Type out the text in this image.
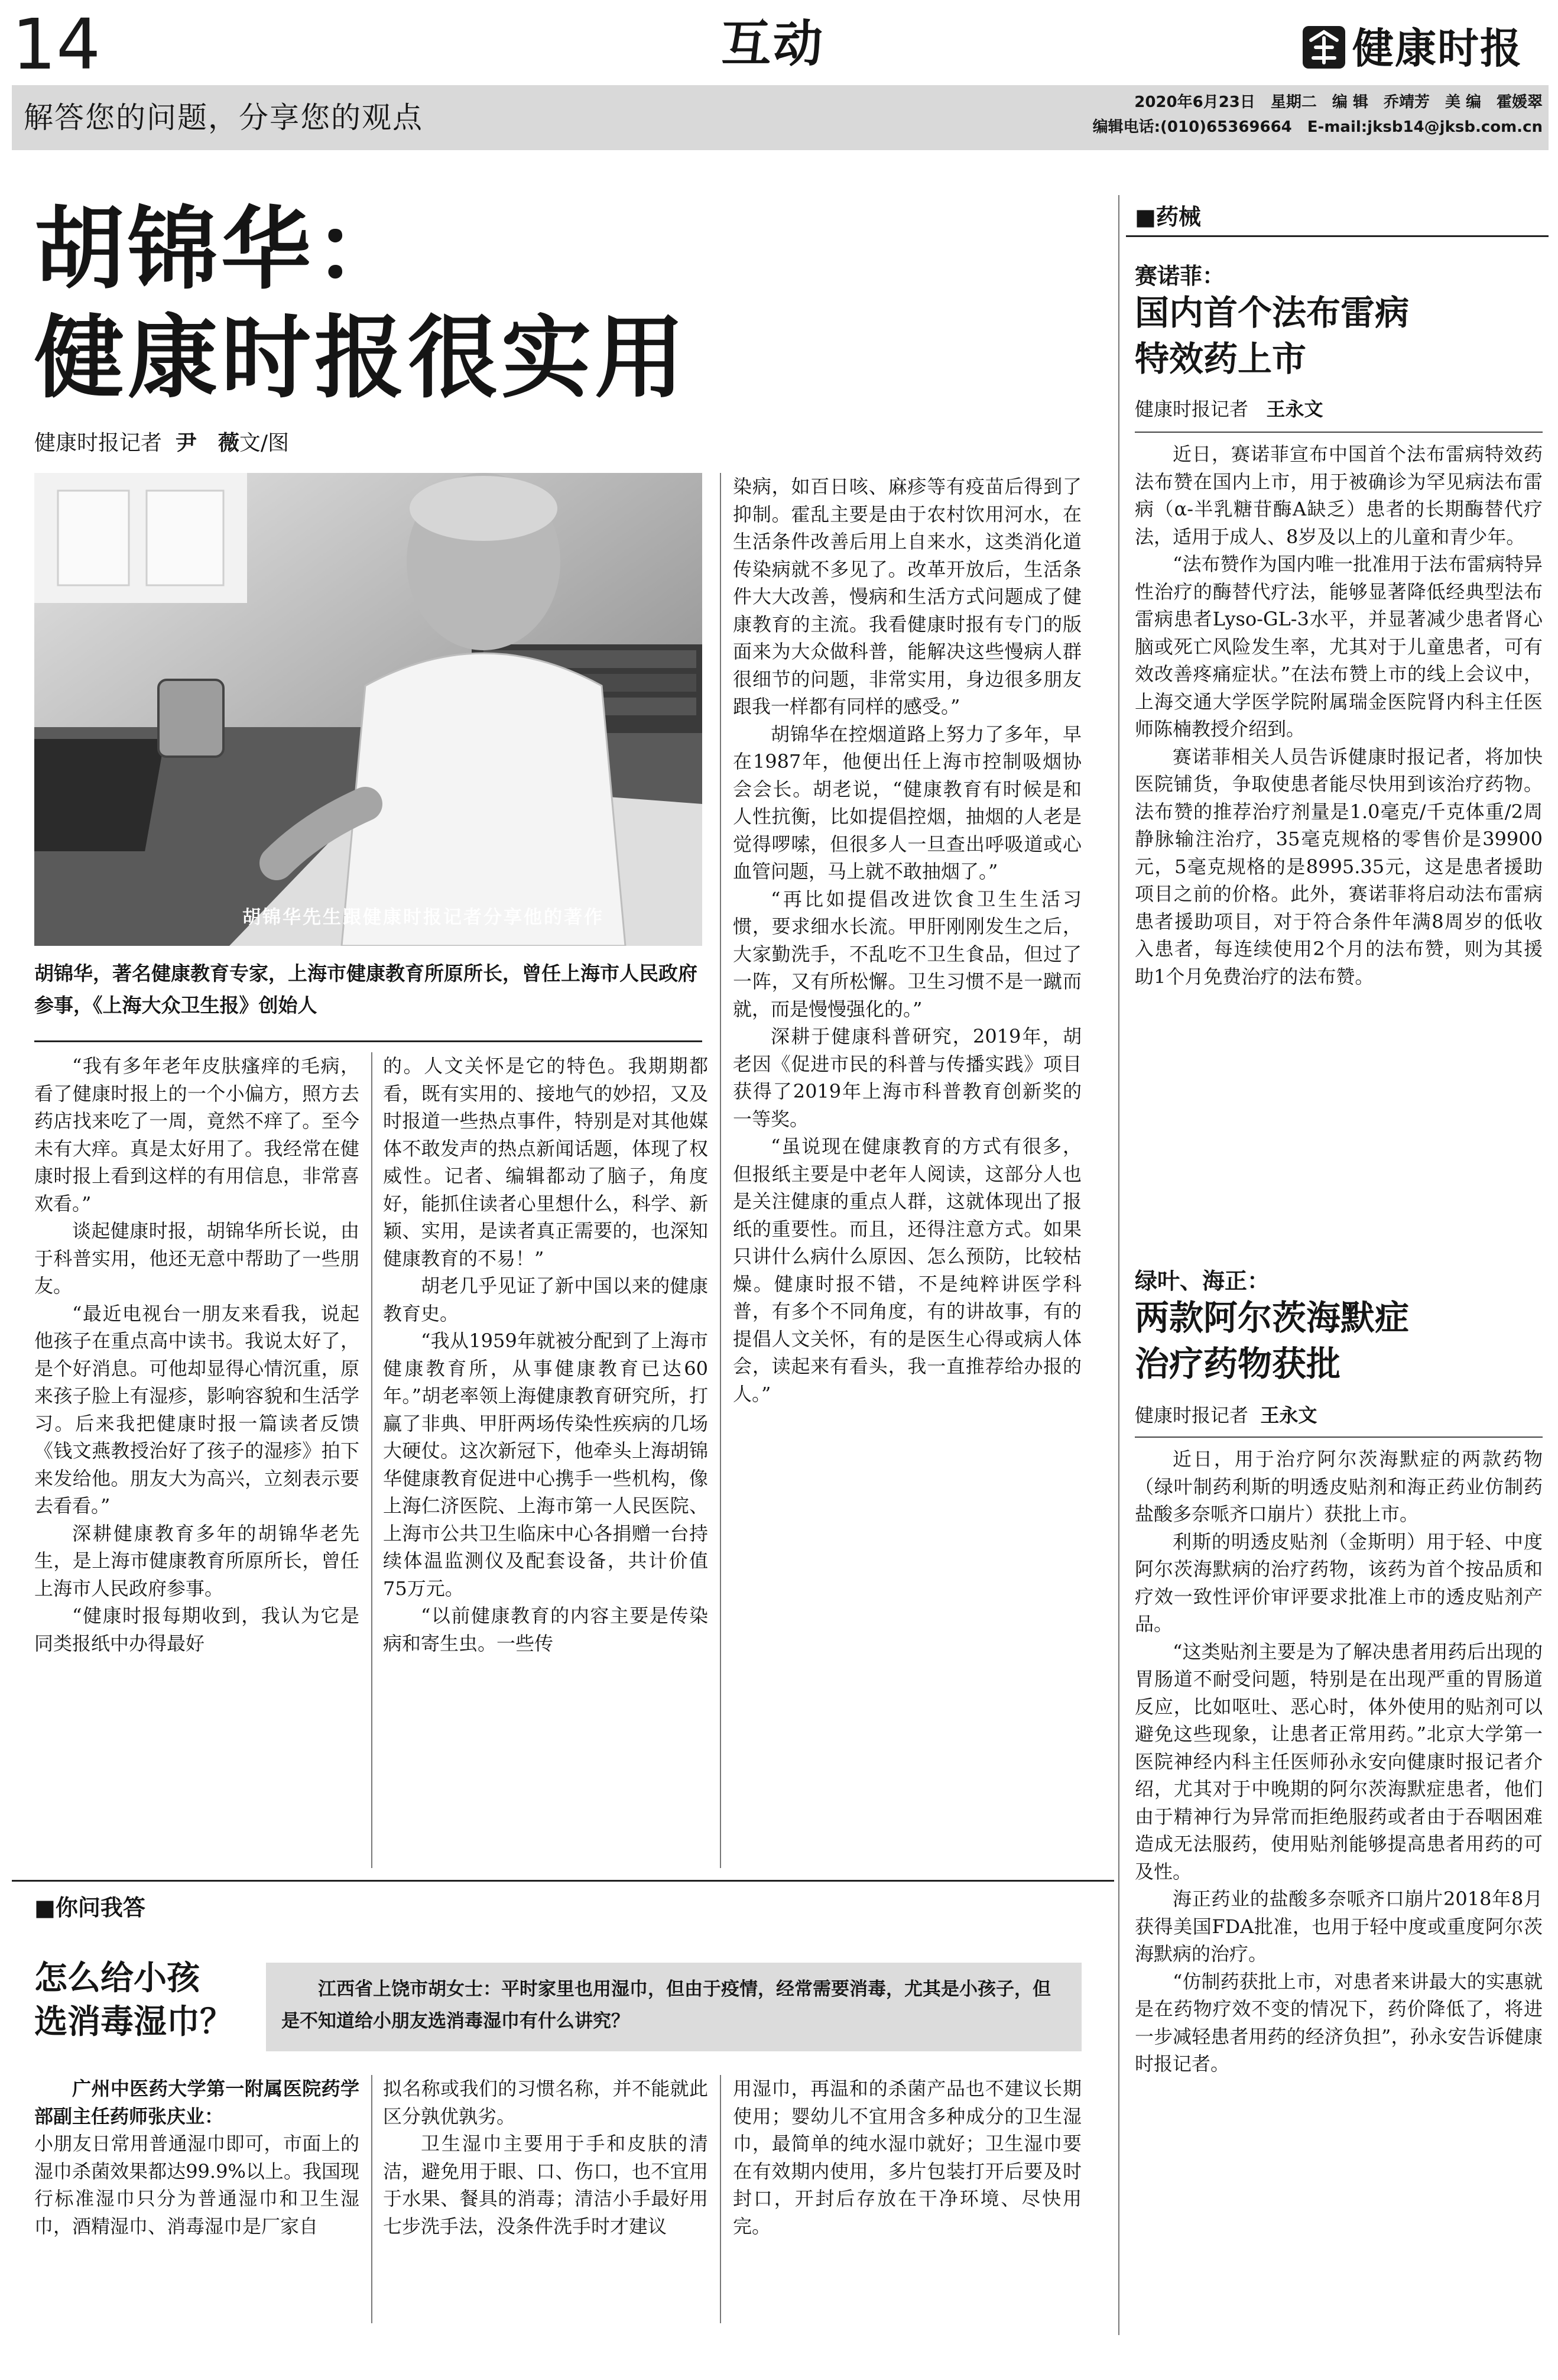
14	互动	健康时报
解答您的问题，分享您的观点	2020年6月23日　星期二　编 辑　乔靖芳　美 编　霍媛翠
编辑电话:(010)65369664　E-mail:jksb14@jksb.com.cn
胡锦华：
健康时报很实用
健康时报记者 尹　薇文/图
胡锦华先生跟健康时报记者分享他的著作
胡锦华，著名健康教育专家，上海市健康教育所原所长，曾任上海市人民政府参事，《上海大众卫生报》创始人

“我有多年老年皮肤瘙痒的毛病，看了健康时报上的一个小偏方，照方去药店找来吃了一周，竟然不痒了。至今未有大痒。真是太好用了。我经常在健康时报上看到这样的有用信息，非常喜欢看。”

谈起健康时报，胡锦华所长说，由于科普实用，他还无意中帮助了一些朋友。

“最近电视台一朋友来看我，说起他孩子在重点高中读书。我说太好了，是个好消息。可他却显得心情沉重，原来孩子脸上有湿疹，影响容貌和生活学习。后来我把健康时报一篇读者反馈《钱文燕教授治好了孩子的湿疹》拍下来发给他。朋友大为高兴，立刻表示要去看看。”

深耕健康教育多年的胡锦华老先生，是上海市健康教育所原所长，曾任上海市人民政府参事。

“健康时报每期收到，我认为它是同类报纸中办得最好

的。人文关怀是它的特色。我期期都看，既有实用的、接地气的妙招，又及时报道一些热点事件，特别是对其他媒体不敢发声的热点新闻话题，体现了权威性。记者、编辑都动了脑子，角度好，能抓住读者心里想什么，科学、新颖、实用，是读者真正需要的，也深知健康教育的不易！”

胡老几乎见证了新中国以来的健康教育史。

“我从1959年就被分配到了上海市健康教育所，从事健康教育已达60年。”胡老率领上海健康教育研究所，打赢了非典、甲肝两场传染性疾病的几场大硬仗。这次新冠下，他牵头上海胡锦华健康教育促进中心携手一些机构，像上海仁济医院、上海市第一人民医院、上海市公共卫生临床中心各捐赠一台持续体温监测仪及配套设备，共计价值75万元。

“以前健康教育的内容主要是传染病和寄生虫。一些传

染病，如百日咳、麻疹等有疫苗后得到了抑制。霍乱主要是由于农村饮用河水，在生活条件改善后用上自来水，这类消化道传染病就不多见了。改革开放后，生活条件大大改善，慢病和生活方式问题成了健康教育的主流。我看健康时报有专门的版面来为大众做科普，能解决这些慢病人群很细节的问题，非常实用，身边很多朋友跟我一样都有同样的感受。”

胡锦华在控烟道路上努力了多年，早在1987年，他便出任上海市控制吸烟协会会长。胡老说，“健康教育有时候是和人性抗衡，比如提倡控烟，抽烟的人老是觉得啰嗦，但很多人一旦查出呼吸道或心血管问题，马上就不敢抽烟了。”

“再比如提倡改进饮食卫生生活习惯，要求细水长流。甲肝刚刚发生之后，大家勤洗手，不乱吃不卫生食品，但过了一阵，又有所松懈。卫生习惯不是一蹴而就，而是慢慢强化的。”

深耕于健康科普研究，2019年，胡老因《促进市民的科普与传播实践》项目获得了2019年上海市科普教育创新奖的一等奖。

“虽说现在健康教育的方式有很多，但报纸主要是中老年人阅读，这部分人也是关注健康的重点人群，这就体现出了报纸的重要性。而且，还得注意方式。如果只讲什么病什么原因、怎么预防，比较枯燥。健康时报不错，不是纯粹讲医学科普，有多个不同角度，有的讲故事，有的提倡人文关怀，有的是医生心得或病人体会，读起来有看头，我一直推荐给办报的人。”

■你问我答
怎么给小孩
选消毒湿巾？
江西省上饶市胡女士：平时家里也用湿巾，但由于疫情，经常需要消毒，尤其是小孩子，但是不知道给小朋友选消毒湿巾有什么讲究？

广州中医药大学第一附属医院药学部副主任药师张庆业：

小朋友日常用普通湿巾即可，市面上的湿巾杀菌效果都达99.9%以上。我国现行标准湿巾只分为普通湿巾和卫生湿巾，酒精湿巾、消毒湿巾是厂家自

拟名称或我们的习惯名称，并不能就此区分孰优孰劣。

卫生湿巾主要用于手和皮肤的清洁，避免用于眼、口、伤口，也不宜用于水果、餐具的消毒；清洁小手最好用七步洗手法，没条件洗手时才建议

用湿巾，再温和的杀菌产品也不建议长期使用；婴幼儿不宜用含多种成分的卫生湿巾，最简单的纯水湿巾就好；卫生湿巾要在有效期内使用，多片包装打开后要及时封口，开封后存放在干净环境、尽快用完。

■药械
赛诺菲：
国内首个法布雷病
特效药上市
健康时报记者 王永文

近日，赛诺菲宣布中国首个法布雷病特效药法布赞在国内上市，用于被确诊为罕见病法布雷病（α-半乳糖苷酶A缺乏）患者的长期酶替代疗法，适用于成人、8岁及以上的儿童和青少年。

“法布赞作为国内唯一批准用于法布雷病特异性治疗的酶替代疗法，能够显著降低经典型法布雷病患者Lyso-GL-3水平，并显著减少患者肾心脑或死亡风险发生率，尤其对于儿童患者，可有效改善疼痛症状。”在法布赞上市的线上会议中，上海交通大学医学院附属瑞金医院肾内科主任医师陈楠教授介绍到。

赛诺菲相关人员告诉健康时报记者，将加快医院铺货，争取使患者能尽快用到该治疗药物。法布赞的推荐治疗剂量是1.0毫克/千克体重/2周静脉输注治疗，35毫克规格的零售价是39900元，5毫克规格的是8995.35元，这是患者援助项目之前的价格。此外，赛诺菲将启动法布雷病患者援助项目，对于符合条件年满8周岁的低收入患者，每连续使用2个月的法布赞，则为其援助1个月免费治疗的法布赞。

绿叶、海正：
两款阿尔茨海默症
治疗药物获批
健康时报记者 王永文

近日，用于治疗阿尔茨海默症的两款药物（绿叶制药利斯的明透皮贴剂和海正药业仿制药盐酸多奈哌齐口崩片）获批上市。

利斯的明透皮贴剂（金斯明）用于轻、中度阿尔茨海默病的治疗药物，该药为首个按品质和疗效一致性评价审评要求批准上市的透皮贴剂产品。

“这类贴剂主要是为了解决患者用药后出现的胃肠道不耐受问题，特别是在出现严重的胃肠道反应，比如呕吐、恶心时，体外使用的贴剂可以避免这些现象，让患者正常用药。”北京大学第一医院神经内科主任医师孙永安向健康时报记者介绍，尤其对于中晚期的阿尔茨海默症患者，他们由于精神行为异常而拒绝服药或者由于吞咽困难造成无法服药，使用贴剂能够提高患者用药的可及性。

海正药业的盐酸多奈哌齐口崩片2018年8月获得美国FDA批准，也用于轻中度或重度阿尔茨海默病的治疗。

“仿制药获批上市，对患者来讲最大的实惠就是在药物疗效不变的情况下，药价降低了，将进一步减轻患者用药的经济负担”，孙永安告诉健康时报记者。
